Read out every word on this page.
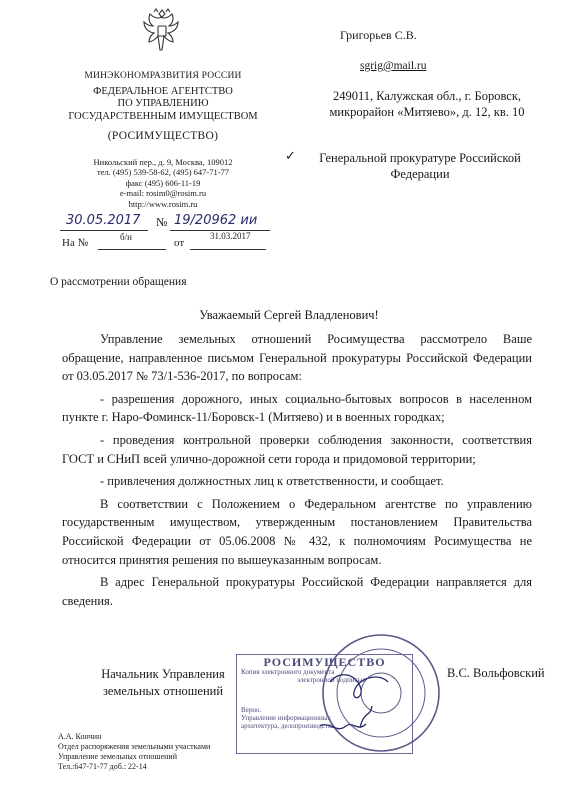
МИНЭКОНОМРАЗВИТИЯ РОССИИ
ФЕДЕРАЛЬНОЕ АГЕНТСТВО
ПО УПРАВЛЕНИЮ
ГОСУДАРСТВЕННЫМ ИМУЩЕСТВОМ
(РОСИМУЩЕСТВО)
Никольский пер., д. 9, Москва, 109012
тел. (495) 539-58-62, (495) 647-71-77
факс (495) 606-11-19
e-mail: rosim0@rosim.ru
http://www.rosim.ru
30.05.2017 № 19/20962 ии
б/н
На №	от
31.03.2017
Григорьев С.В.
sgrig@mail.ru
249011, Калужская обл., г. Боровск,
микрорайон «Митяево», д. 12, кв. 10
✓	Генеральной прокуратуре Российской
Федерации
О рассмотрении обращения
Уважаемый Сергей Владленович!

Управление земельных отношений Росимущества рассмотрело Ваше обращение, направленное письмом Генеральной прокуратуры Российской Федерации от 03.05.2017 № 73/1-536-2017, по вопросам:

- разрешения дорожного, иных социально-бытовых вопросов в населенном пункте г. Наро-Фоминск-11/Боровск-1 (Митяево) и в военных городках;

- проведения контрольной проверки соблюдения законности, соответствия ГОСТ и СНиП всей улично-дорожной сети города и придомовой территории;

- привлечения должностных лиц к ответственности, и сообщает.

В соответствии с Положением о Федеральном агентстве по управлению государственным имуществом, утвержденным постановлением Правительства Российской Федерации от 05.06.2008 № 432, к полномочиям Росимущества не относится принятия решения по вышеуказанным вопросам.

В адрес Генеральной прокуратуры Российской Федерации направляется для сведения.

Начальник Управления
земельных отношений
РОСИМУЩЕСТВО
Копия электронного документа
электронной подписью
Верно.
Управление информационных
архитектура, делопроизводства
В.С. Вольфовский
А.А. Кончин
Отдел распоряжения земельными участками
Управление земельных отношений
Тел.:647-71-77 доб.: 22-14
